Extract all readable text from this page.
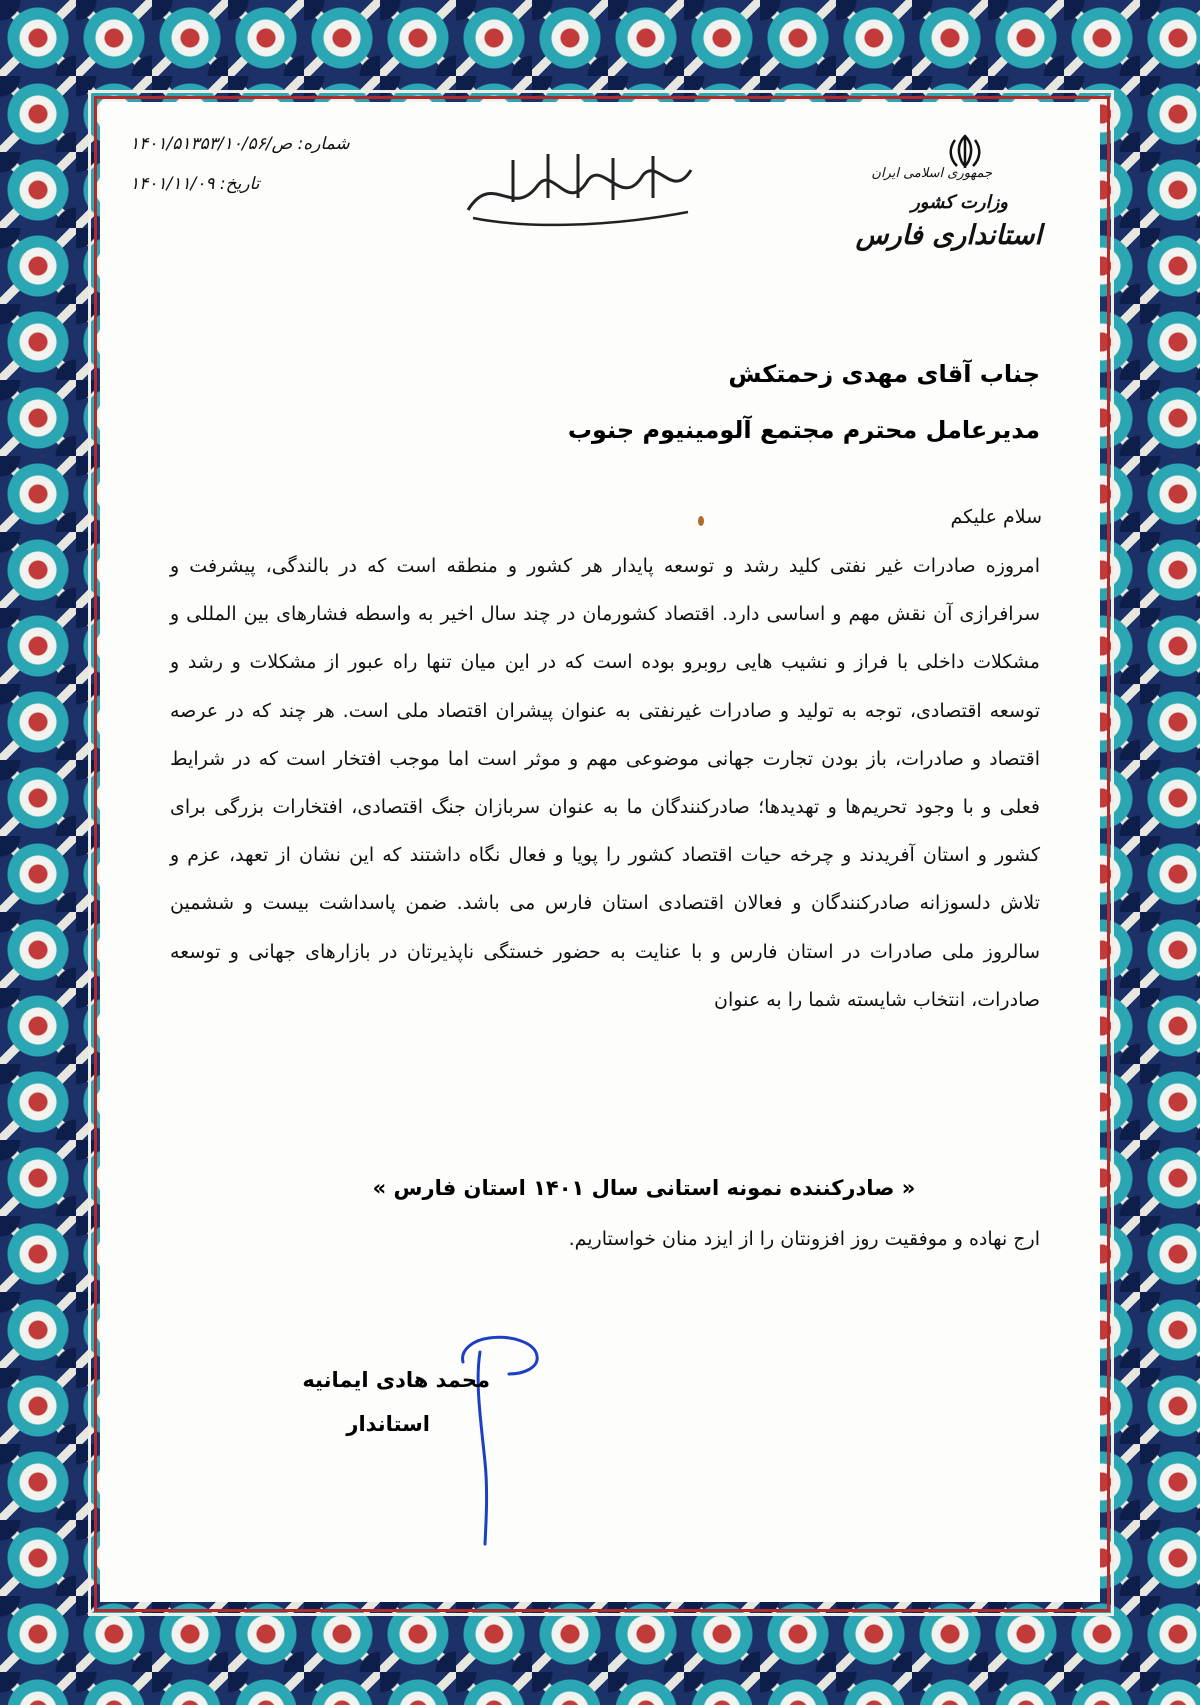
جمهوری اسلامی ایران
وزارت کشور
استانداری فارس
شماره: ص/۱۴۰۱/۵۱۳۵۳/۱۰/۵۶
تاریخ: ۱۴۰۱/۱۱/۰۹
جناب آقای مهدی زحمتکش
مدیرعامل محترم مجتمع آلومینیوم جنوب
سلام علیکم
امروزه صادرات غیر نفتی کلید رشد و توسعه پایدار هر کشور و منطقه است که در بالندگی، پیشرفت و سرافرازی آن نقش مهم و اساسی دارد. اقتصاد کشورمان در چند سال اخیر به واسطه فشارهای بین المللی و مشکلات داخلی با فراز و نشیب هایی روبرو بوده است که در این میان تنها راه عبور از مشکلات و رشد و توسعه اقتصادی، توجه به تولید و صادرات غیرنفتی به عنوان پیشران اقتصاد ملی است. هر چند که در عرصه اقتصاد و صادرات، باز بودن تجارت جهانی موضوعی مهم و موثر است اما موجب افتخار است که در شرایط فعلی و با وجود تحریم‌ها و تهدیدها؛ صادرکنندگان ما به عنوان سربازان جنگ اقتصادی، افتخارات بزرگی برای کشور و استان آفریدند و چرخه حیات اقتصاد کشور را پویا و فعال نگاه داشتند که این نشان از تعهد، عزم و تلاش دلسوزانه صادرکنندگان و فعالان اقتصادی استان فارس می باشد. ضمن پاسداشت بیست و ششمین سالروز ملی صادرات در استان فارس و با عنایت به حضور خستگی ناپذیرتان در بازارهای جهانی و توسعه صادرات، انتخاب شایسته شما را به عنوان
« صادرکننده نمونه استانی سال ۱۴۰۱ استان فارس »
ارج نهاده و موفقیت روز افزونتان را از ایزد منان خواستاریم.
محمد هادی ایمانیه
استاندار
